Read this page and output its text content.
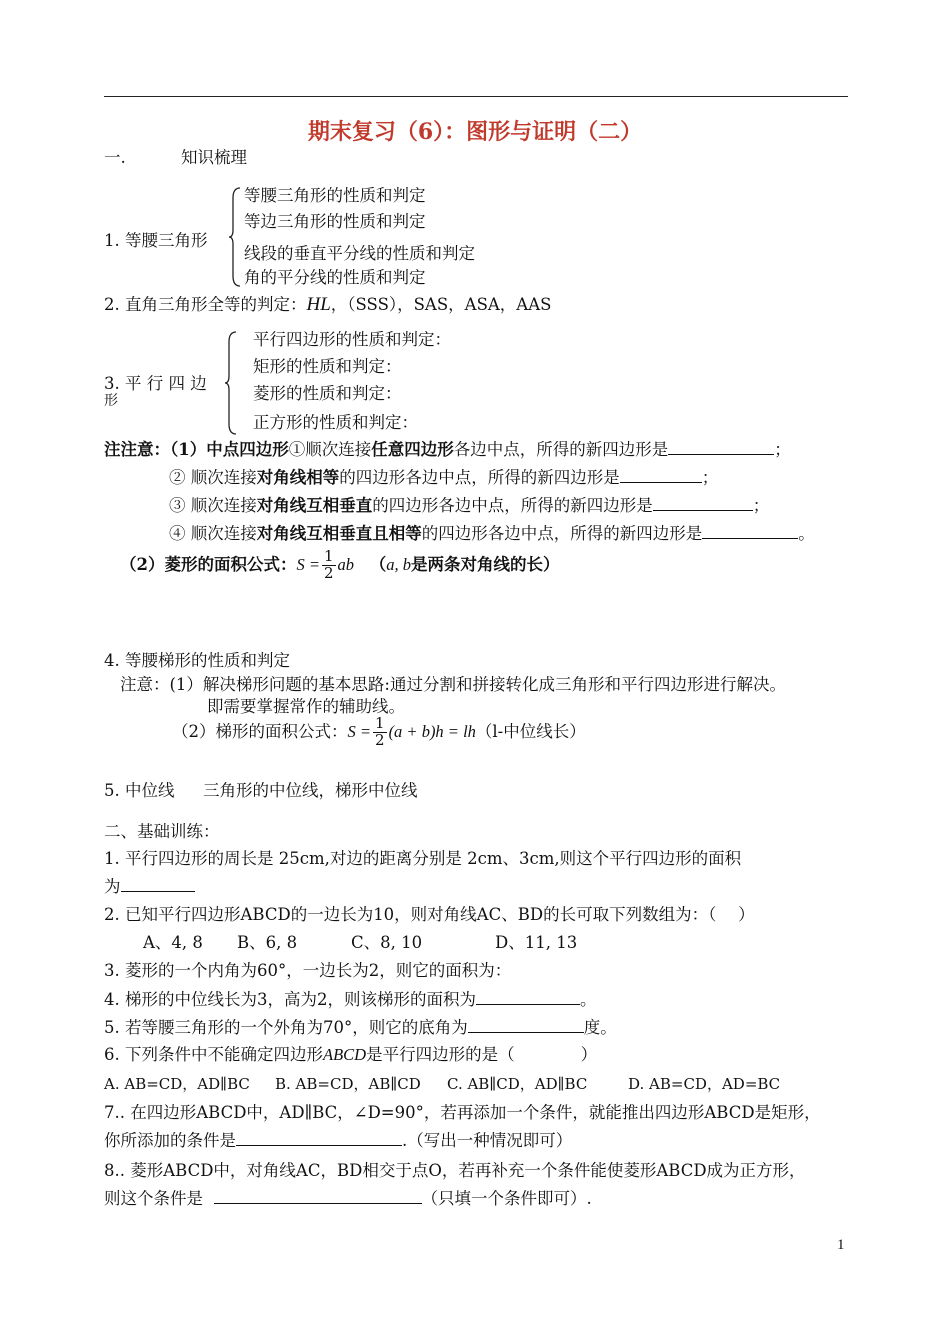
期末复习（6）：图形与证明（二）
一.	知识梳理
1. 等腰三角形
等腰三角形的性质和判定
等边三角形的性质和判定
线段的垂直平分线的性质和判定
角的平分线的性质和判定
2. 直角三角形全等的判定：HL，（SSS），SAS，ASA，AAS
3. 平 行 四 边
形
平行四边形的性质和判定：
矩形的性质和判定：
菱形的性质和判定：
正方形的性质和判定：
注注意：（1）中点四边形①顺次连接任意四边形各边中点，所得的新四边形是	；
② 顺次连接对角线相等的四边形各边中点，所得的新四边形是	；
③ 顺次连接对角线互相垂直的四边形各边中点，所得的新四边形是	；
④ 顺次连接对角线互相垂直且相等的四边形各边中点，所得的新四边形是	。
（2）菱形的面积公式：$S = \frac{1}{2}$ ab （a, b是两条对角线的长）
4. 等腰梯形的性质和判定
注意：(1）解决梯形问题的基本思路:通过分割和拼接转化成三角形和平行四边形进行解决。
即需要掌握常作的辅助线。
（2）梯形的面积公式：$S = \frac{1}{2} (a + b)h = lh(l-$中位线长）
5. 中位线 三角形的中位线，梯形中位线
二、基础训练：
1. 平行四边形的周长是 25cm,对边的距离分别是 2cm、3cm,则这个平行四边形的面积
为
2. 已知平行四边形ABCD的一边长为10，则对角线AC、BD的长可取下列数组为：（　 ）
A、4, 8 B、6, 8	C、8, 10	D、11, 13
3. 菱形的一个内角为60°，一边长为2，则它的面积为：
4. 梯形的中位线长为3，高为2，则该梯形的面积为	。
5. 若等腰三角形的一个外角为70°，则它的底角为	度。
6. 下列条件中不能确定四边形ABCD是平行四边形的是（　　　　）
A. AB=CD，AD∥BC B. AB=CD，AB∥CD C. AB∥CD，AD∥BC	D. AB=CD，AD=BC
7.. 在四边形ABCD中，AD∥BC，∠D=90°，若再添加一个条件，就能推出四边形ABCD是矩形，
你所添加的条件是	.（写出一种情况即可）
8.. 菱形ABCD中，对角线AC，BD相交于点O，若再补充一个条件能使菱形ABCD成为正方形，
则这个条件是	（只填一个条件即可）.
1
